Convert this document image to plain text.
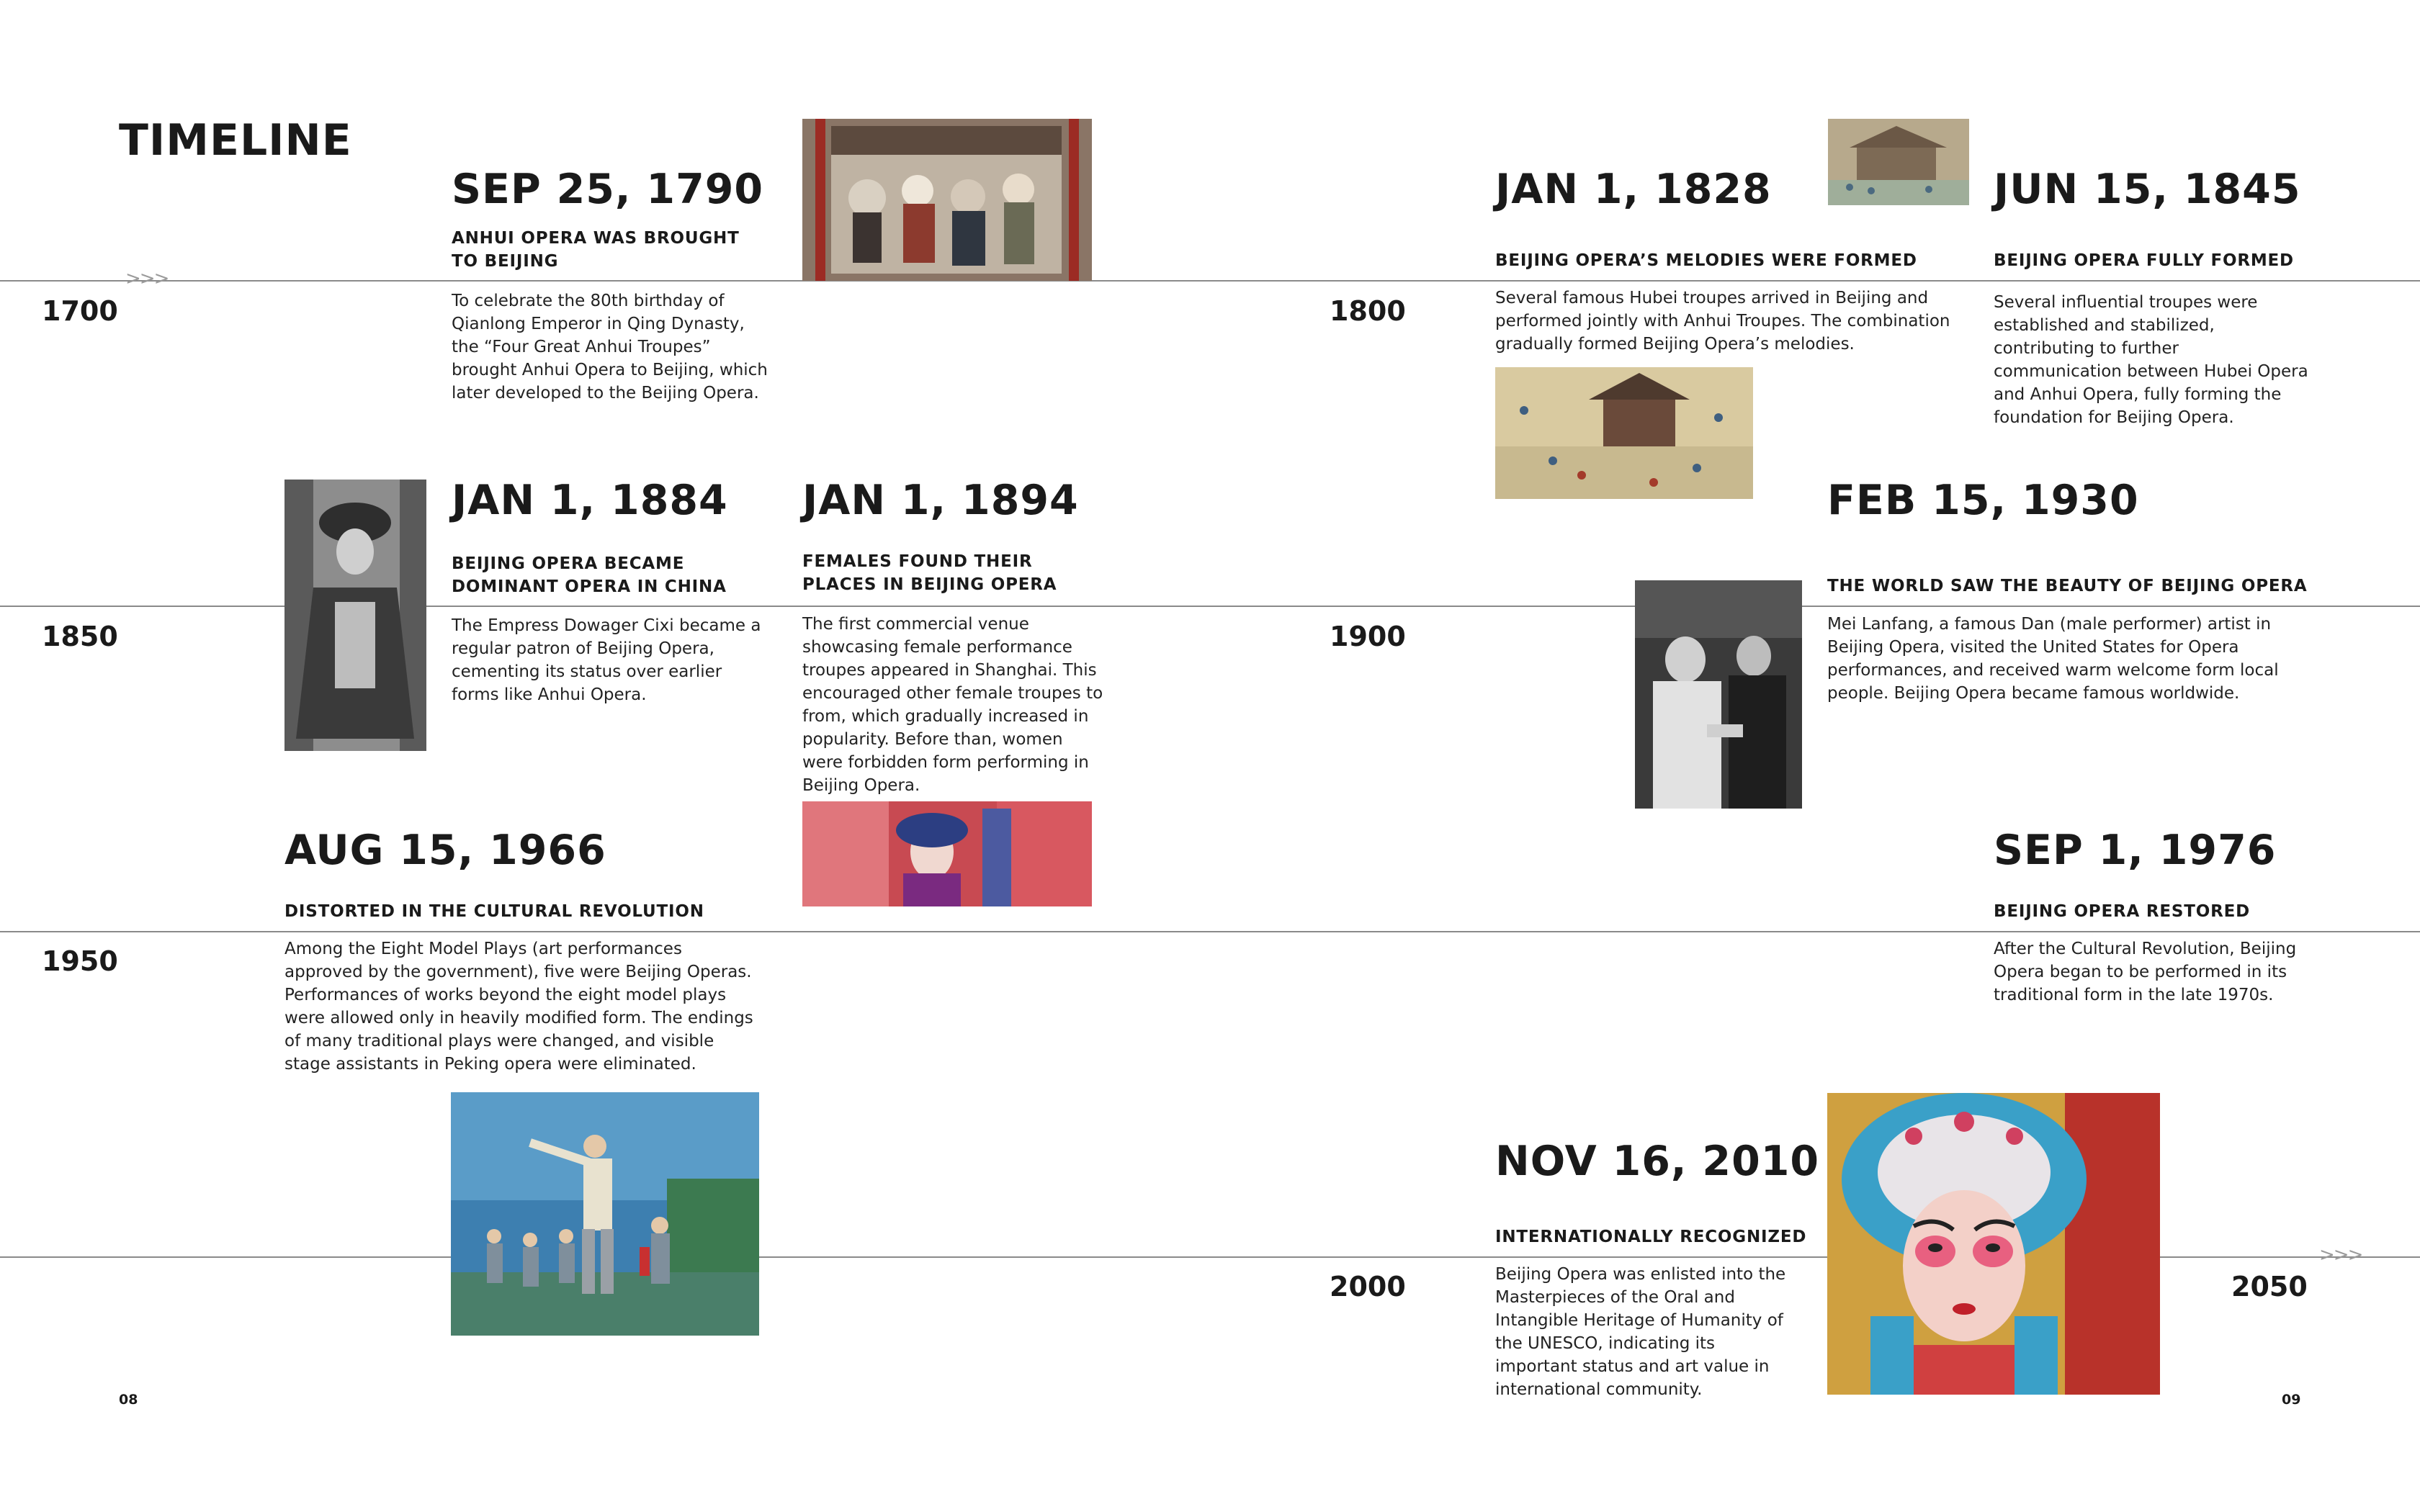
TIMELINE
>>>
>>>
1700	1800
1850	1900
1950
2000	2050
SEP 25, 1790
ANHUI OPERA WAS BROUGHT TO BEIJING
To celebrate the 80th birthday of Qianlong Emperor in Qing Dynasty, the “Four Great Anhui Troupes” brought Anhui Opera to Beijing, which later developed to the Beijing Opera.
JAN 1, 1828
BEIJING OPERA’S MELODIES WERE FORMED
Several famous Hubei troupes arrived in Beijing and performed jointly with Anhui Troupes. The combination gradually formed Beijing Opera’s melodies.
JUN 15, 1845
BEIJING OPERA FULLY FORMED
Several influential troupes were established and stabilized, contributing to further communication between Hubei Opera and Anhui Opera, fully forming the foundation for Beijing Opera.
JAN 1, 1884
BEIJING OPERA BECAME DOMINANT OPERA IN CHINA
The Empress Dowager Cixi became a regular patron of Beijing Opera, cementing its status over earlier forms like Anhui Opera.
JAN 1, 1894
FEMALES FOUND THEIR PLACES IN BEIJING OPERA
The first commercial venue showcasing female performance troupes appeared in Shanghai. This encouraged other female troupes to from, which gradually increased in popularity. Before than, women were forbidden form performing in Beijing Opera.
FEB 15, 1930
THE WORLD SAW THE BEAUTY OF BEIJING OPERA
Mei Lanfang, a famous Dan (male performer) artist in Beijing Opera, visited the United States for Opera performances, and received warm welcome form local people. Beijing Opera became famous worldwide.
AUG 15, 1966
DISTORTED IN THE CULTURAL REVOLUTION
Among the Eight Model Plays (art performances approved by the government), five were Beijing Operas. Performances of works beyond the eight model plays were allowed only in heavily modified form. The endings of many traditional plays were changed, and visible stage assistants in Peking opera were eliminated.
SEP 1, 1976
BEIJING OPERA RESTORED
After the Cultural Revolution, Beijing Opera began to be performed in its traditional form in the late 1970s.
NOV 16, 2010
INTERNATIONALLY RECOGNIZED
Beijing Opera was enlisted into the Masterpieces of the Oral and Intangible Heritage of Humanity of the UNESCO, indicating its important status and art value in international community.
08	09
